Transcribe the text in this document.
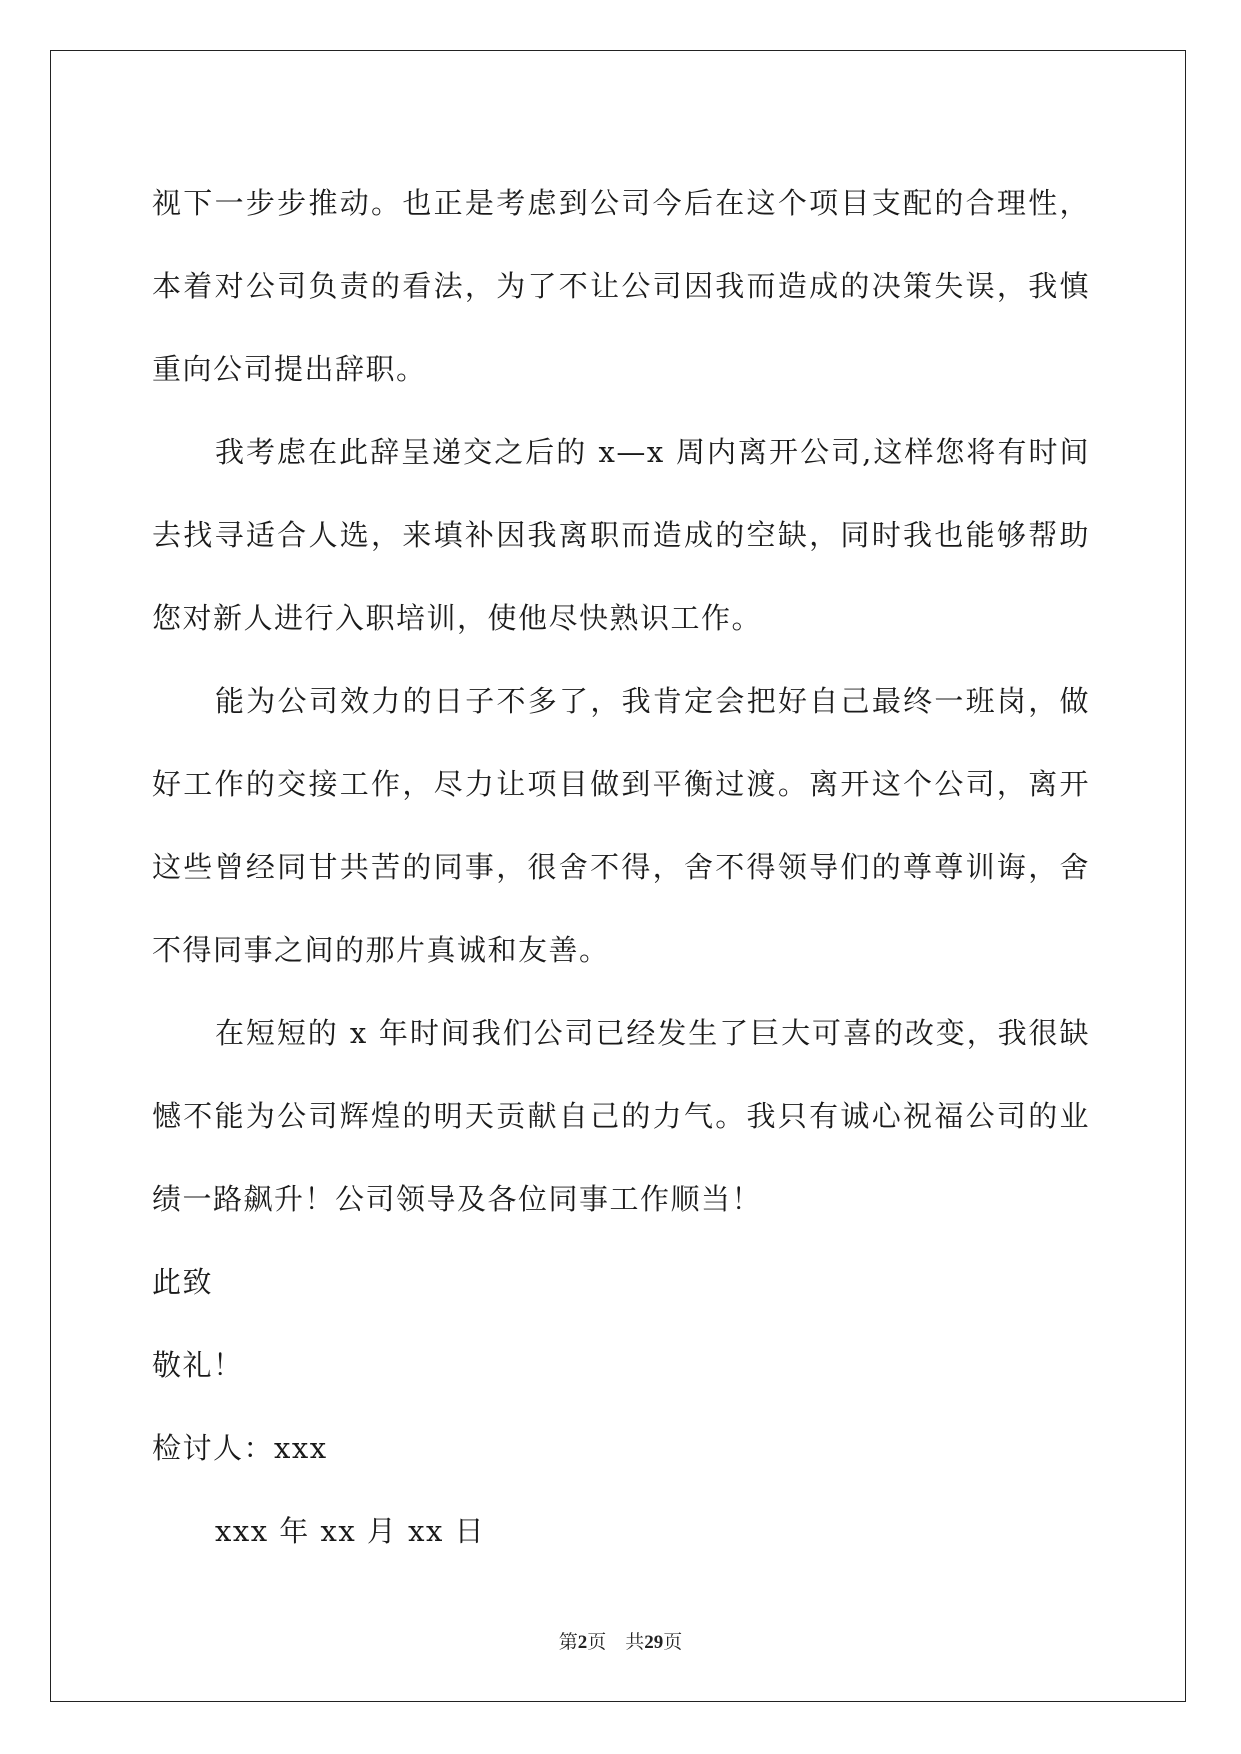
视下一步步推动。也正是考虑到公司今后在这个项目支配的合理性，
本着对公司负责的看法，为了不让公司因我而造成的决策失误，我慎
重向公司提出辞职。
我考虑在此辞呈递交之后的 x—x 周内离开公司,这样您将有时间
去找寻适合人选，来填补因我离职而造成的空缺，同时我也能够帮助
您对新人进行入职培训，使他尽快熟识工作。
能为公司效力的日子不多了，我肯定会把好自己最终一班岗，做
好工作的交接工作，尽力让项目做到平衡过渡。离开这个公司，离开
这些曾经同甘共苦的同事，很舍不得，舍不得领导们的尊尊训诲，舍
不得同事之间的那片真诚和友善。
在短短的 x 年时间我们公司已经发生了巨大可喜的改变，我很缺
憾不能为公司辉煌的明天贡献自己的力气。我只有诚心祝福公司的业
绩一路飙升！公司领导及各位同事工作顺当！
此致
敬礼！
检讨人：xxx
xxx 年 xx 月 xx 日
第2页　共29页
